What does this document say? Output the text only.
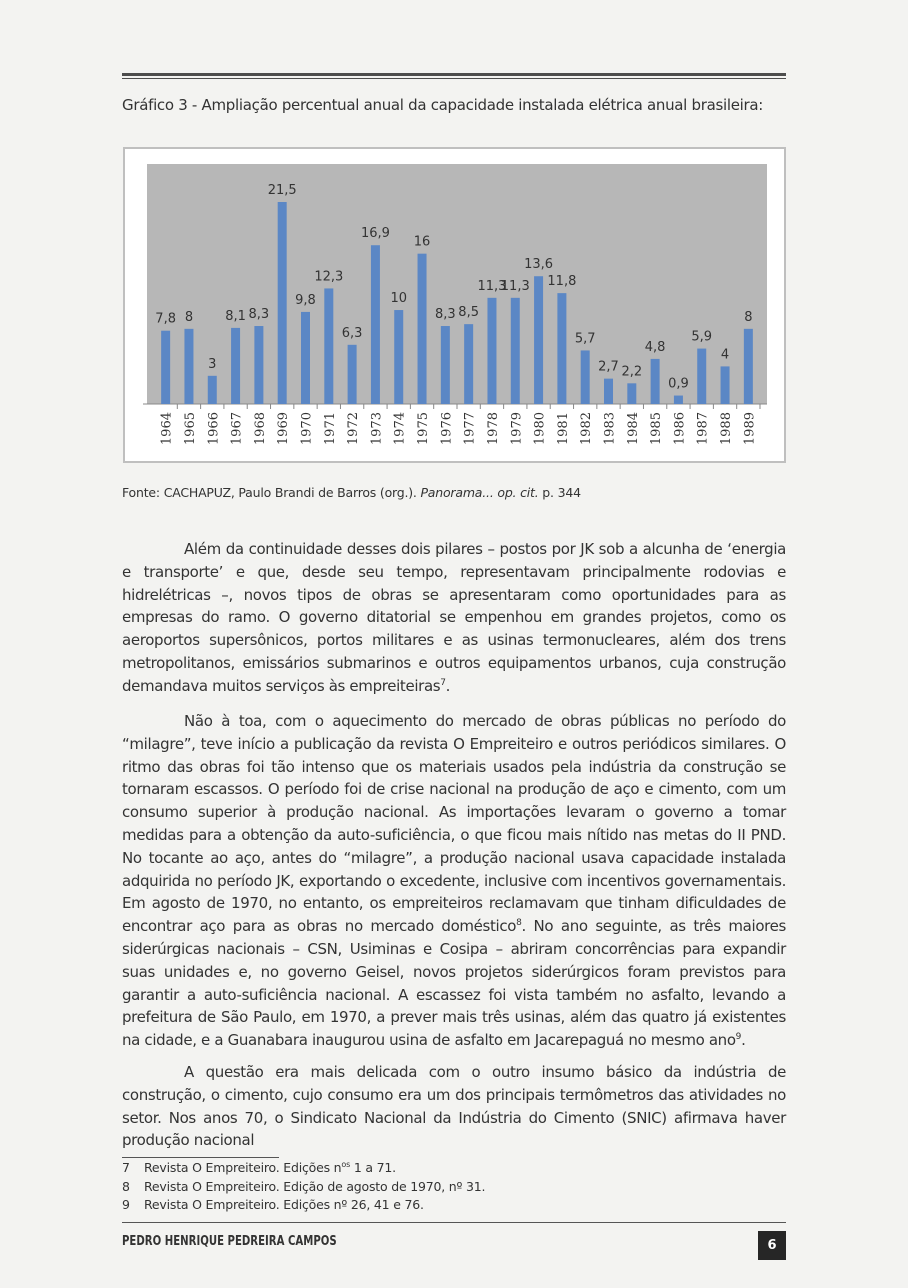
Gráfico 3 - Ampliação percentual anual da capacidade instalada elétrica anual brasileira:
7,8
1964
8
1965
3
1966
8,1
1967
8,3
1968
21,5
1969
9,8
1970
12,3
1971
6,3
1972
16,9
1973
10
1974
16
1975
8,3
1976
8,5
1977
11,3
1978
11,3
1979
13,6
1980
11,8
1981
5,7
1982
2,7
1983
2,2
1984
4,8
1985
0,9
1986
5,9
1987
4
1988
8
1989
Fonte: CACHAPUZ, Paulo Brandi de Barros (org.). Panorama... op. cit. p. 344

Além da continuidade desses dois pilares – postos por JK sob a alcunha de ‘energia e transporte’ e que, desde seu tempo, representavam principalmente rodovias e hidrelétricas –, novos tipos de obras se apresentaram como oportunidades para as empresas do ramo. O governo ditatorial se empenhou em grandes projetos, como os aeroportos supersônicos, portos militares e as usinas termonucleares, além dos trens metropolitanos, emissários submarinos e outros equipamentos urbanos, cuja construção demandava muitos serviços às empreiteiras$^7$.

Não à toa, com o aquecimento do mercado de obras públicas no período do “milagre”, teve início a publicação da revista O Empreiteiro e outros periódicos similares. O ritmo das obras foi tão intenso que os materiais usados pela indústria da construção se tornaram escassos. O período foi de crise nacional na produção de aço e cimento, com um consumo superior à produção nacional. As importações levaram o governo a tomar medidas para a obtenção da auto-suficiência, o que ficou mais nítido nas metas do II PND. No tocante ao aço, antes do “milagre”, a produção nacional usava capacidade instalada adquirida no período JK, exportando o excedente, inclusive com incentivos governamentais. Em agosto de 1970, no entanto, os empreiteiros reclamavam que tinham dificuldades de encontrar aço para as obras no mercado doméstico$^8$. No ano seguinte, as três maiores siderúrgicas nacionais – CSN, Usiminas e Cosipa – abriram concorrências para expandir suas unidades e, no governo Geisel, novos projetos siderúrgicos foram previstos para garantir a auto-suficiência nacional. A escassez foi vista também no asfalto, levando a prefeitura de São Paulo, em 1970, a prever mais três usinas, além das quatro já existentes na cidade, e a Guanabara inaugurou usina de asfalto em Jacarepaguá no mesmo ano$^9$.

A questão era mais delicada com o outro insumo básico da indústria de construção, o cimento, cujo consumo era um dos principais termômetros das atividades no setor. Nos anos 70, o Sindicato Nacional da Indústria do Cimento (SNIC) afirmava haver produção nacional

7 Revista O Empreiteiro. Edições $n^{os}$ 1 a 71.
8 Revista O Empreiteiro. Edição de agosto de 1970, nº 31.
9 Revista O Empreiteiro. Edições nº 26, 41 e 76.
PEDRO HENRIQUE PEDREIRA CAMPOS	6
